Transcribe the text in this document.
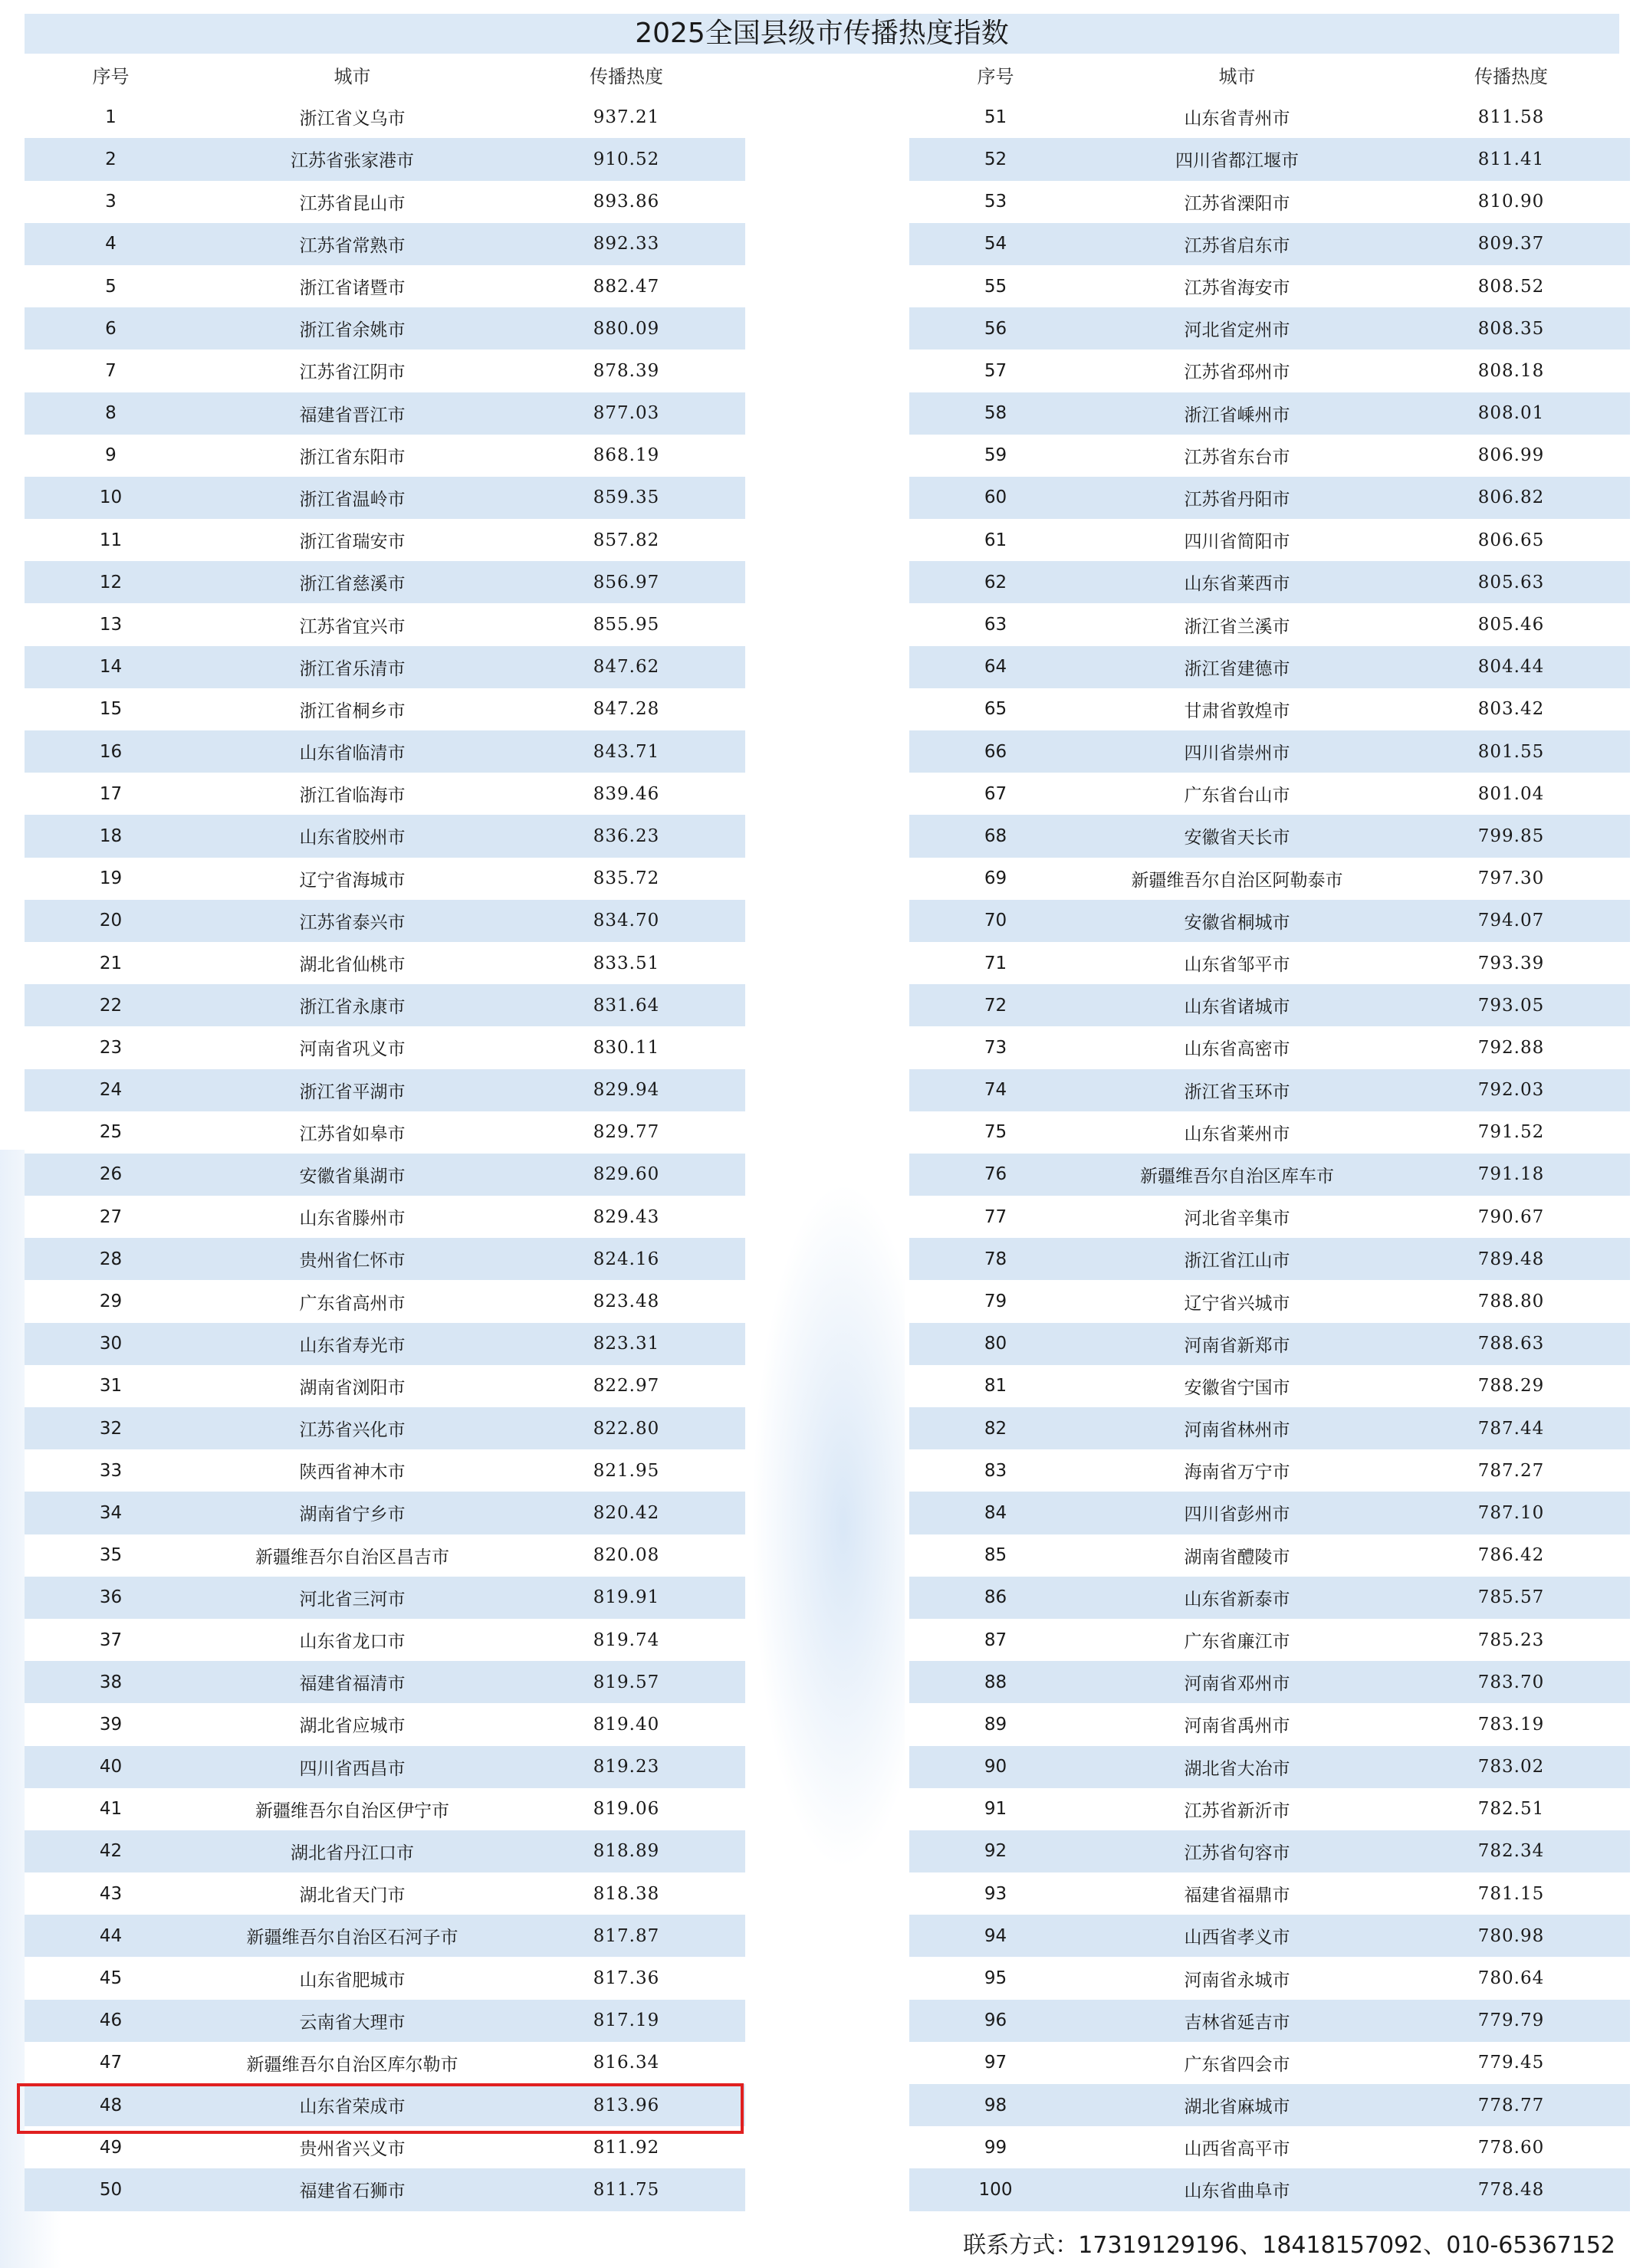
2025全国县级市传播热度指数
序号	城市	传播热度
1	浙江省义乌市	937.21
2	江苏省张家港市	910.52
3	江苏省昆山市	893.86
4	江苏省常熟市	892.33
5	浙江省诸暨市	882.47
6	浙江省余姚市	880.09
7	江苏省江阴市	878.39
8	福建省晋江市	877.03
9	浙江省东阳市	868.19
10	浙江省温岭市	859.35
11	浙江省瑞安市	857.82
12	浙江省慈溪市	856.97
13	江苏省宜兴市	855.95
14	浙江省乐清市	847.62
15	浙江省桐乡市	847.28
16	山东省临清市	843.71
17	浙江省临海市	839.46
18	山东省胶州市	836.23
19	辽宁省海城市	835.72
20	江苏省泰兴市	834.70
21	湖北省仙桃市	833.51
22	浙江省永康市	831.64
23	河南省巩义市	830.11
24	浙江省平湖市	829.94
25	江苏省如皋市	829.77
26	安徽省巢湖市	829.60
27	山东省滕州市	829.43
28	贵州省仁怀市	824.16
29	广东省高州市	823.48
30	山东省寿光市	823.31
31	湖南省浏阳市	822.97
32	江苏省兴化市	822.80
33	陕西省神木市	821.95
34	湖南省宁乡市	820.42
35	新疆维吾尔自治区昌吉市	820.08
36	河北省三河市	819.91
37	山东省龙口市	819.74
38	福建省福清市	819.57
39	湖北省应城市	819.40
40	四川省西昌市	819.23
41	新疆维吾尔自治区伊宁市	819.06
42	湖北省丹江口市	818.89
43	湖北省天门市	818.38
44	新疆维吾尔自治区石河子市	817.87
45	山东省肥城市	817.36
46	云南省大理市	817.19
47	新疆维吾尔自治区库尔勒市	816.34
48	山东省荣成市	813.96
49	贵州省兴义市	811.92
50	福建省石狮市	811.75
序号	城市	传播热度
51	山东省青州市	811.58
52	四川省都江堰市	811.41
53	江苏省溧阳市	810.90
54	江苏省启东市	809.37
55	江苏省海安市	808.52
56	河北省定州市	808.35
57	江苏省邳州市	808.18
58	浙江省嵊州市	808.01
59	江苏省东台市	806.99
60	江苏省丹阳市	806.82
61	四川省简阳市	806.65
62	山东省莱西市	805.63
63	浙江省兰溪市	805.46
64	浙江省建德市	804.44
65	甘肃省敦煌市	803.42
66	四川省崇州市	801.55
67	广东省台山市	801.04
68	安徽省天长市	799.85
69	新疆维吾尔自治区阿勒泰市	797.30
70	安徽省桐城市	794.07
71	山东省邹平市	793.39
72	山东省诸城市	793.05
73	山东省高密市	792.88
74	浙江省玉环市	792.03
75	山东省莱州市	791.52
76	新疆维吾尔自治区库车市	791.18
77	河北省辛集市	790.67
78	浙江省江山市	789.48
79	辽宁省兴城市	788.80
80	河南省新郑市	788.63
81	安徽省宁国市	788.29
82	河南省林州市	787.44
83	海南省万宁市	787.27
84	四川省彭州市	787.10
85	湖南省醴陵市	786.42
86	山东省新泰市	785.57
87	广东省廉江市	785.23
88	河南省邓州市	783.70
89	河南省禹州市	783.19
90	湖北省大冶市	783.02
91	江苏省新沂市	782.51
92	江苏省句容市	782.34
93	福建省福鼎市	781.15
94	山西省孝义市	780.98
95	河南省永城市	780.64
96	吉林省延吉市	779.79
97	广东省四会市	779.45
98	湖北省麻城市	778.77
99	山西省高平市	778.60
100	山东省曲阜市	778.48
联系方式：17319129196、18418157092、010-65367152
